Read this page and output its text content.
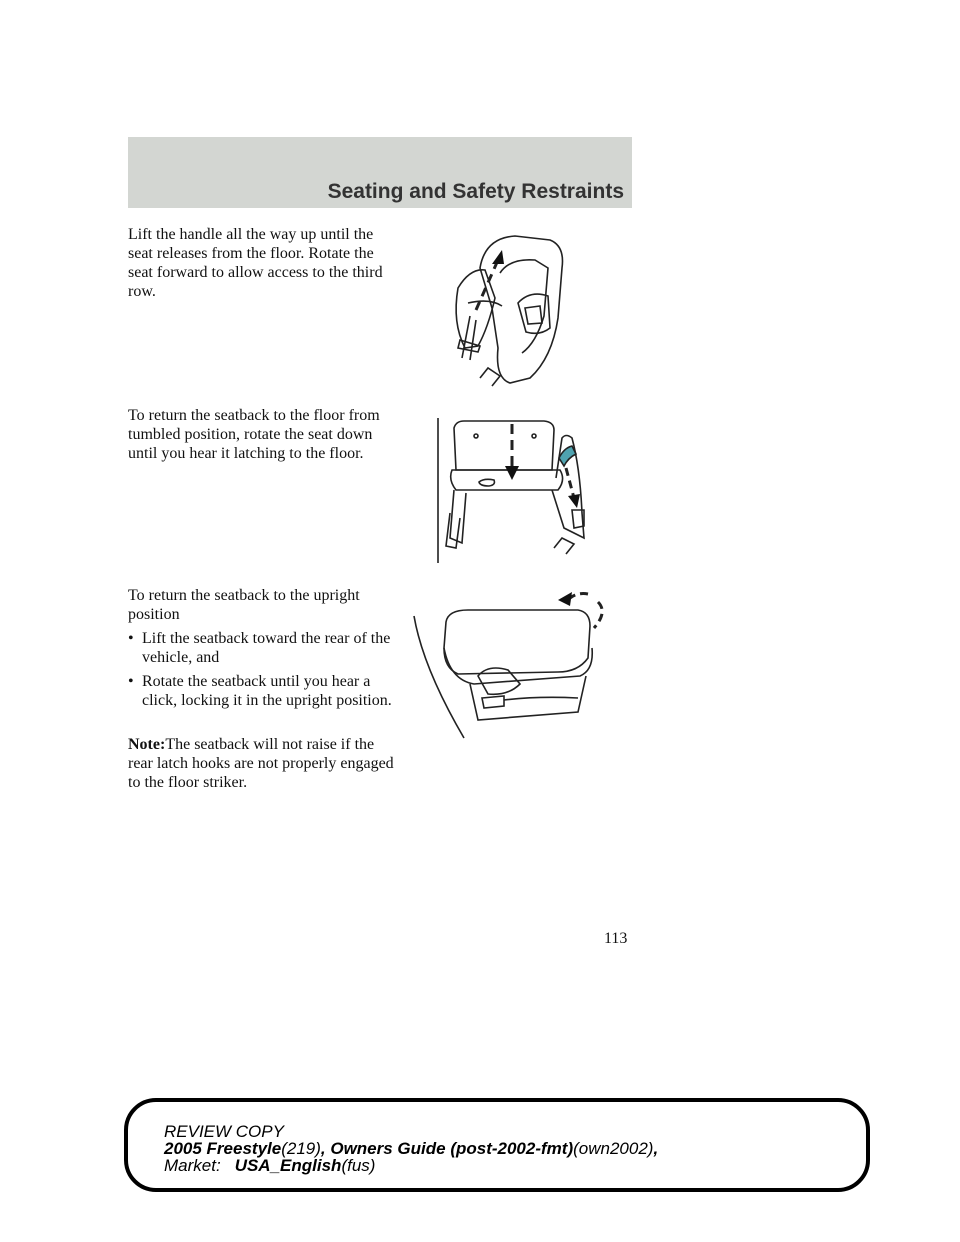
Seating and Safety Restraints

Lift the handle all the way up until the seat releases from the floor. Rotate the seat forward to allow access to the third row.

To return the seatback to the floor from tumbled position, rotate the seat down until you hear it latching to the floor.

To return the seatback to the upright position

• Lift the seatback toward the rear of the vehicle, and
• Rotate the seatback until you hear a click, locking it in the upright position.

Note:The seatback will not raise if the rear latch hooks are not properly engaged to the floor striker.

113
REVIEW COPY
2005 Freestyle(219), Owners Guide (post-2002-fmt)(own2002),
Market: USA_English(fus)
